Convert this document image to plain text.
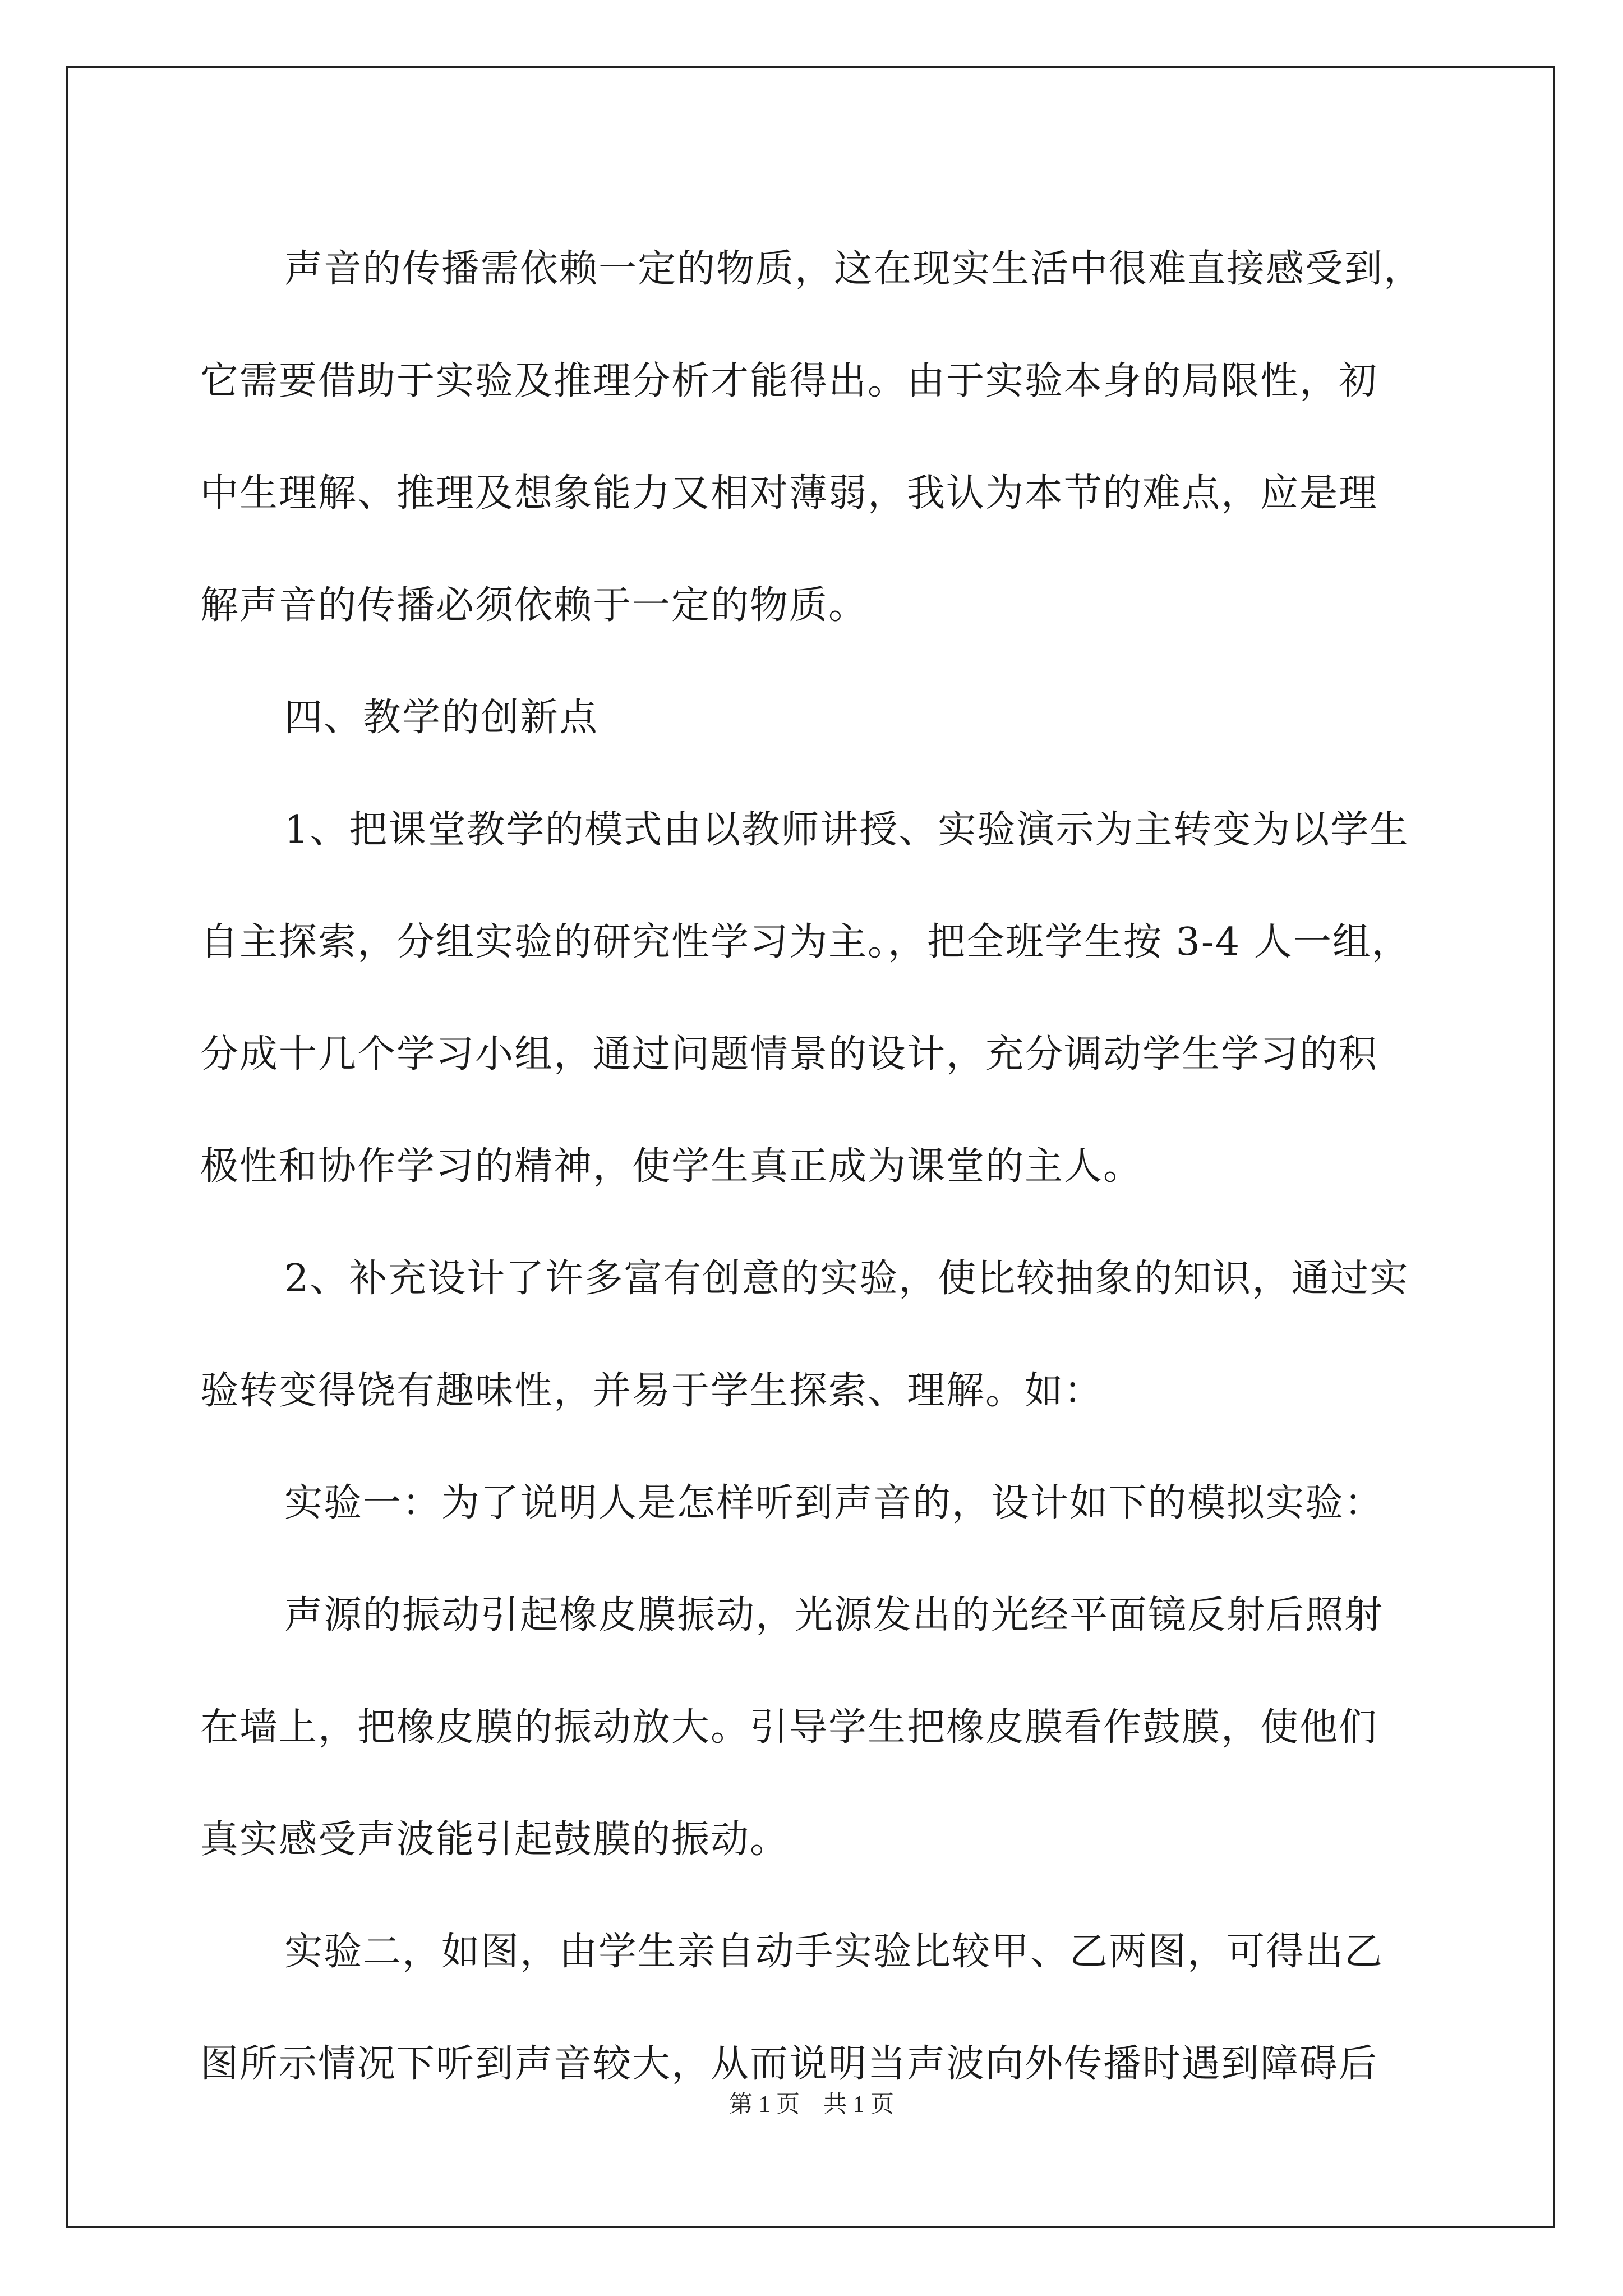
声音的传播需依赖一定的物质，这在现实生活中很难直接感受到，
它需要借助于实验及推理分析才能得出。由于实验本身的局限性，初
中生理解、推理及想象能力又相对薄弱，我认为本节的难点，应是理
解声音的传播必须依赖于一定的物质。
四、教学的创新点
1、把课堂教学的模式由以教师讲授、实验演示为主转变为以学生
自主探索，分组实验的研究性学习为主。，把全班学生按 3-4 人一组，
分成十几个学习小组，通过问题情景的设计，充分调动学生学习的积
极性和协作学习的精神，使学生真正成为课堂的主人。
2、补充设计了许多富有创意的实验，使比较抽象的知识，通过实
验转变得饶有趣味性，并易于学生探索、理解。如：
实验一：为了说明人是怎样听到声音的，设计如下的模拟实验：
声源的振动引起橡皮膜振动，光源发出的光经平面镜反射后照射
在墙上，把橡皮膜的振动放大。引导学生把橡皮膜看作鼓膜，使他们
真实感受声波能引起鼓膜的振动。
实验二，如图，由学生亲自动手实验比较甲、乙两图，可得出乙
图所示情况下听到声音较大，从而说明当声波向外传播时遇到障碍后
第 1 页　共 1 页
